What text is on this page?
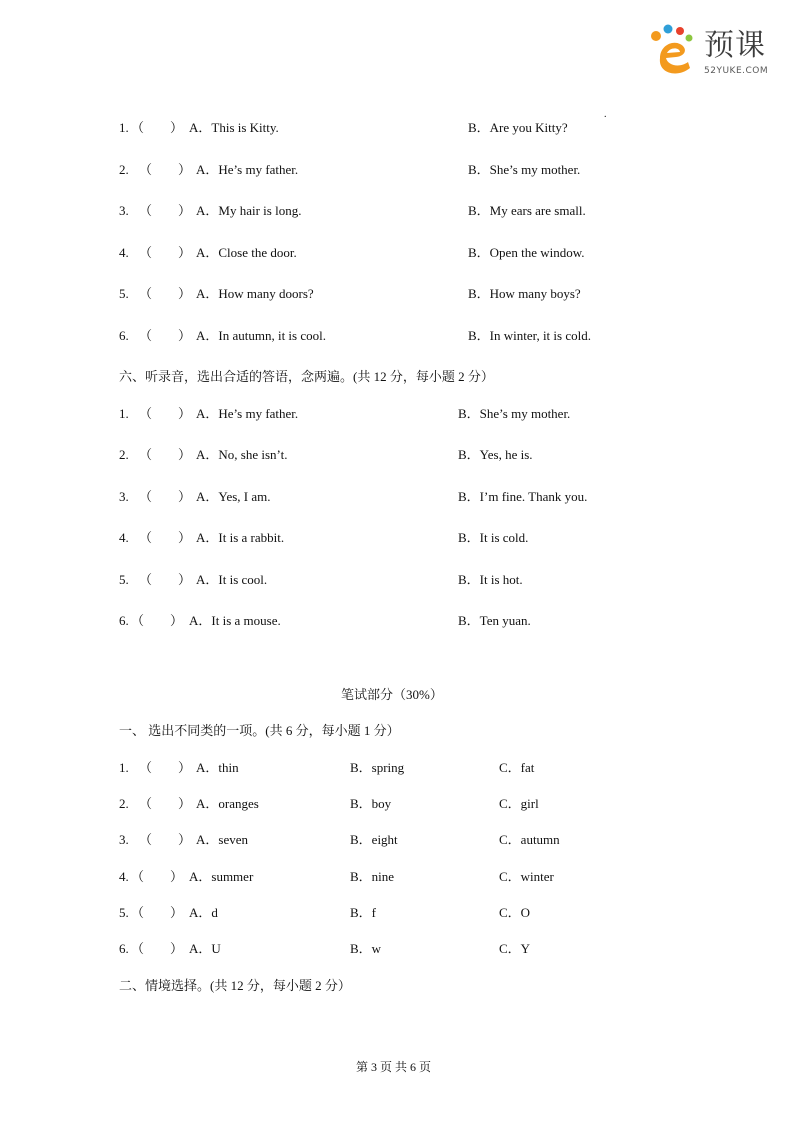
预课
52YUKE.COM
.
1. （　　） A．This is Kitty.	B．Are you Kitty?
2. （　　） A．He’s my father.	B．She’s my mother.
3. （　　） A．My hair is long.	B．My ears are small.
4. （　　） A．Close the door.	B．Open the window.
5. （　　） A．How many doors?	B．How many boys?
6. （　　） A．In autumn, it is cool.	B．In winter, it is cold.
六、听录音，选出合适的答语，念两遍。(共 12 分，每小题 2 分）
1. （　　） A．He’s my father.	B．She’s my mother.
2. （　　） A．No, she isn’t.	B．Yes, he is.
3. （　　） A．Yes, I am.	B．I’m fine. Thank you.
4. （　　） A．It is a rabbit.	B．It is cold.
5. （　　） A．It is cool.	B．It is hot.
6. （　　） A．It is a mouse.	B．Ten yuan.
笔试部分（30%）
一、 选出不同类的一项。(共 6 分，每小题 1 分）
1. （　　） A．thin	B．spring	C．fat
2. （　　） A．oranges	B．boy	C．girl
3. （　　） A．seven	B．eight	C．autumn
4. （　　） A．summer	B．nine	C．winter
5. （　　） A．d	B．f	C．O
6. （　　） A．U	B．w	C．Y
二、情境选择。(共 12 分，每小题 2 分）
第 3 页 共 6 页
